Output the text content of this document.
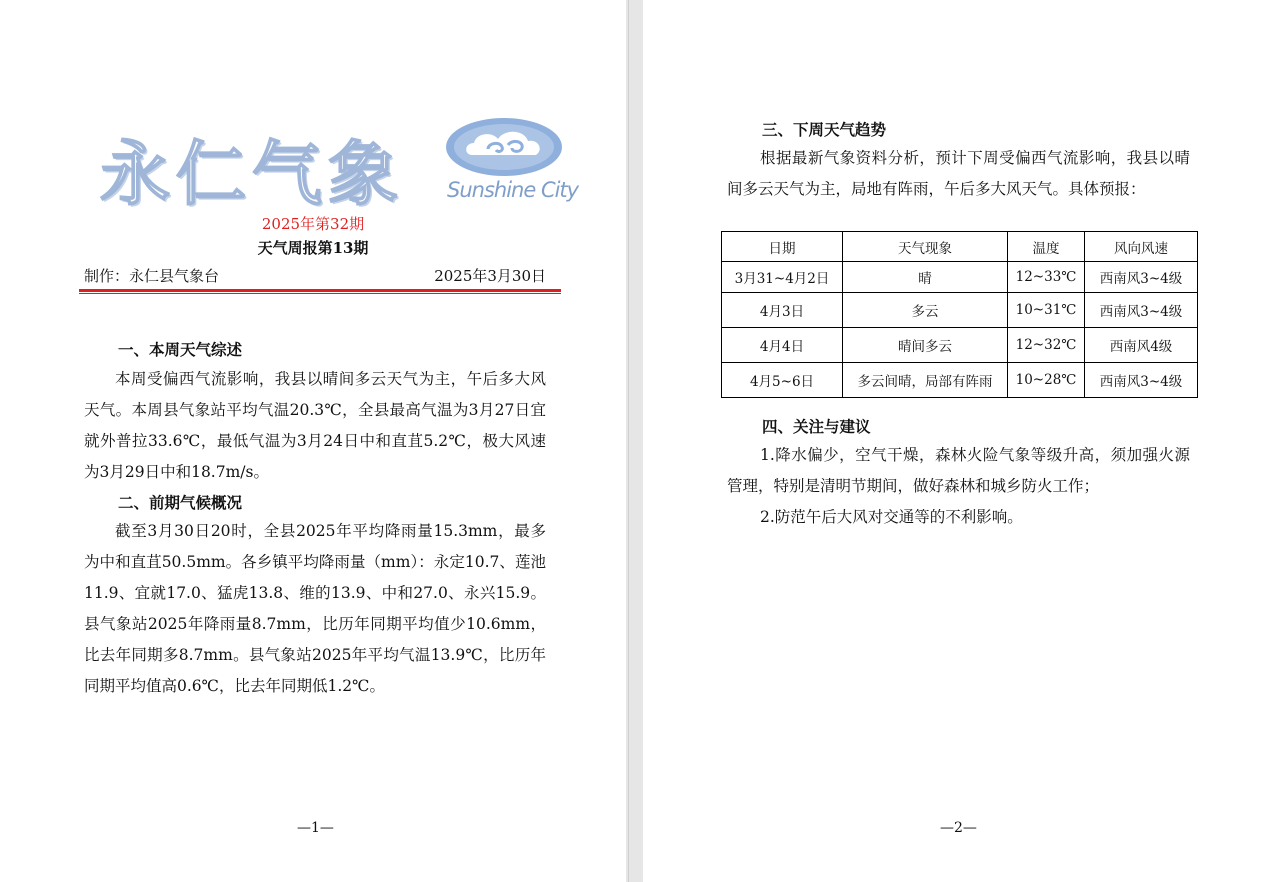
永仁气象 Sunshine City
2025年第32期
天气周报第13期
制作：永仁县气象台	2025年3月30日
一、本周天气综述
本周受偏西气流影响，我县以晴间多云天气为主，午后多大风天气。本周县气象站平均气温20.3℃，全县最高气温为3月27日宜就外普拉33.6℃，最低气温为3月24日中和直苴5.2℃，极大风速为3月29日中和18.7m/s。
二、前期气候概况
截至3月30日20时，全县2025年平均降雨量15.3mm，最多为中和直苴50.5mm。各乡镇平均降雨量（mm）：永定10.7、莲池11.9、宜就17.0、猛虎13.8、维的13.9、中和27.0、永兴15.9。县气象站2025年降雨量8.7mm，比历年同期平均值少10.6mm，比去年同期多8.7mm。县气象站2025年平均气温13.9℃，比历年同期平均值高0.6℃，比去年同期低1.2℃。
—1—
三、下周天气趋势
根据最新气象资料分析，预计下周受偏西气流影响，我县以晴间多云天气为主，局地有阵雨，午后多大风天气。具体预报：
日期	天气现象	温度	风向风速
3月31~4月2日	晴	12~33℃	西南风3~4级
4月3日	多云	10~31℃	西南风3~4级
4月4日	晴间多云	12~32℃	西南风4级
4月5~6日	多云间晴，局部有阵雨	10~28℃	西南风3~4级
四、关注与建议
1.降水偏少，空气干燥，森林火险气象等级升高，须加强火源管理，特别是清明节期间，做好森林和城乡防火工作；
2.防范午后大风对交通等的不利影响。
—2—
